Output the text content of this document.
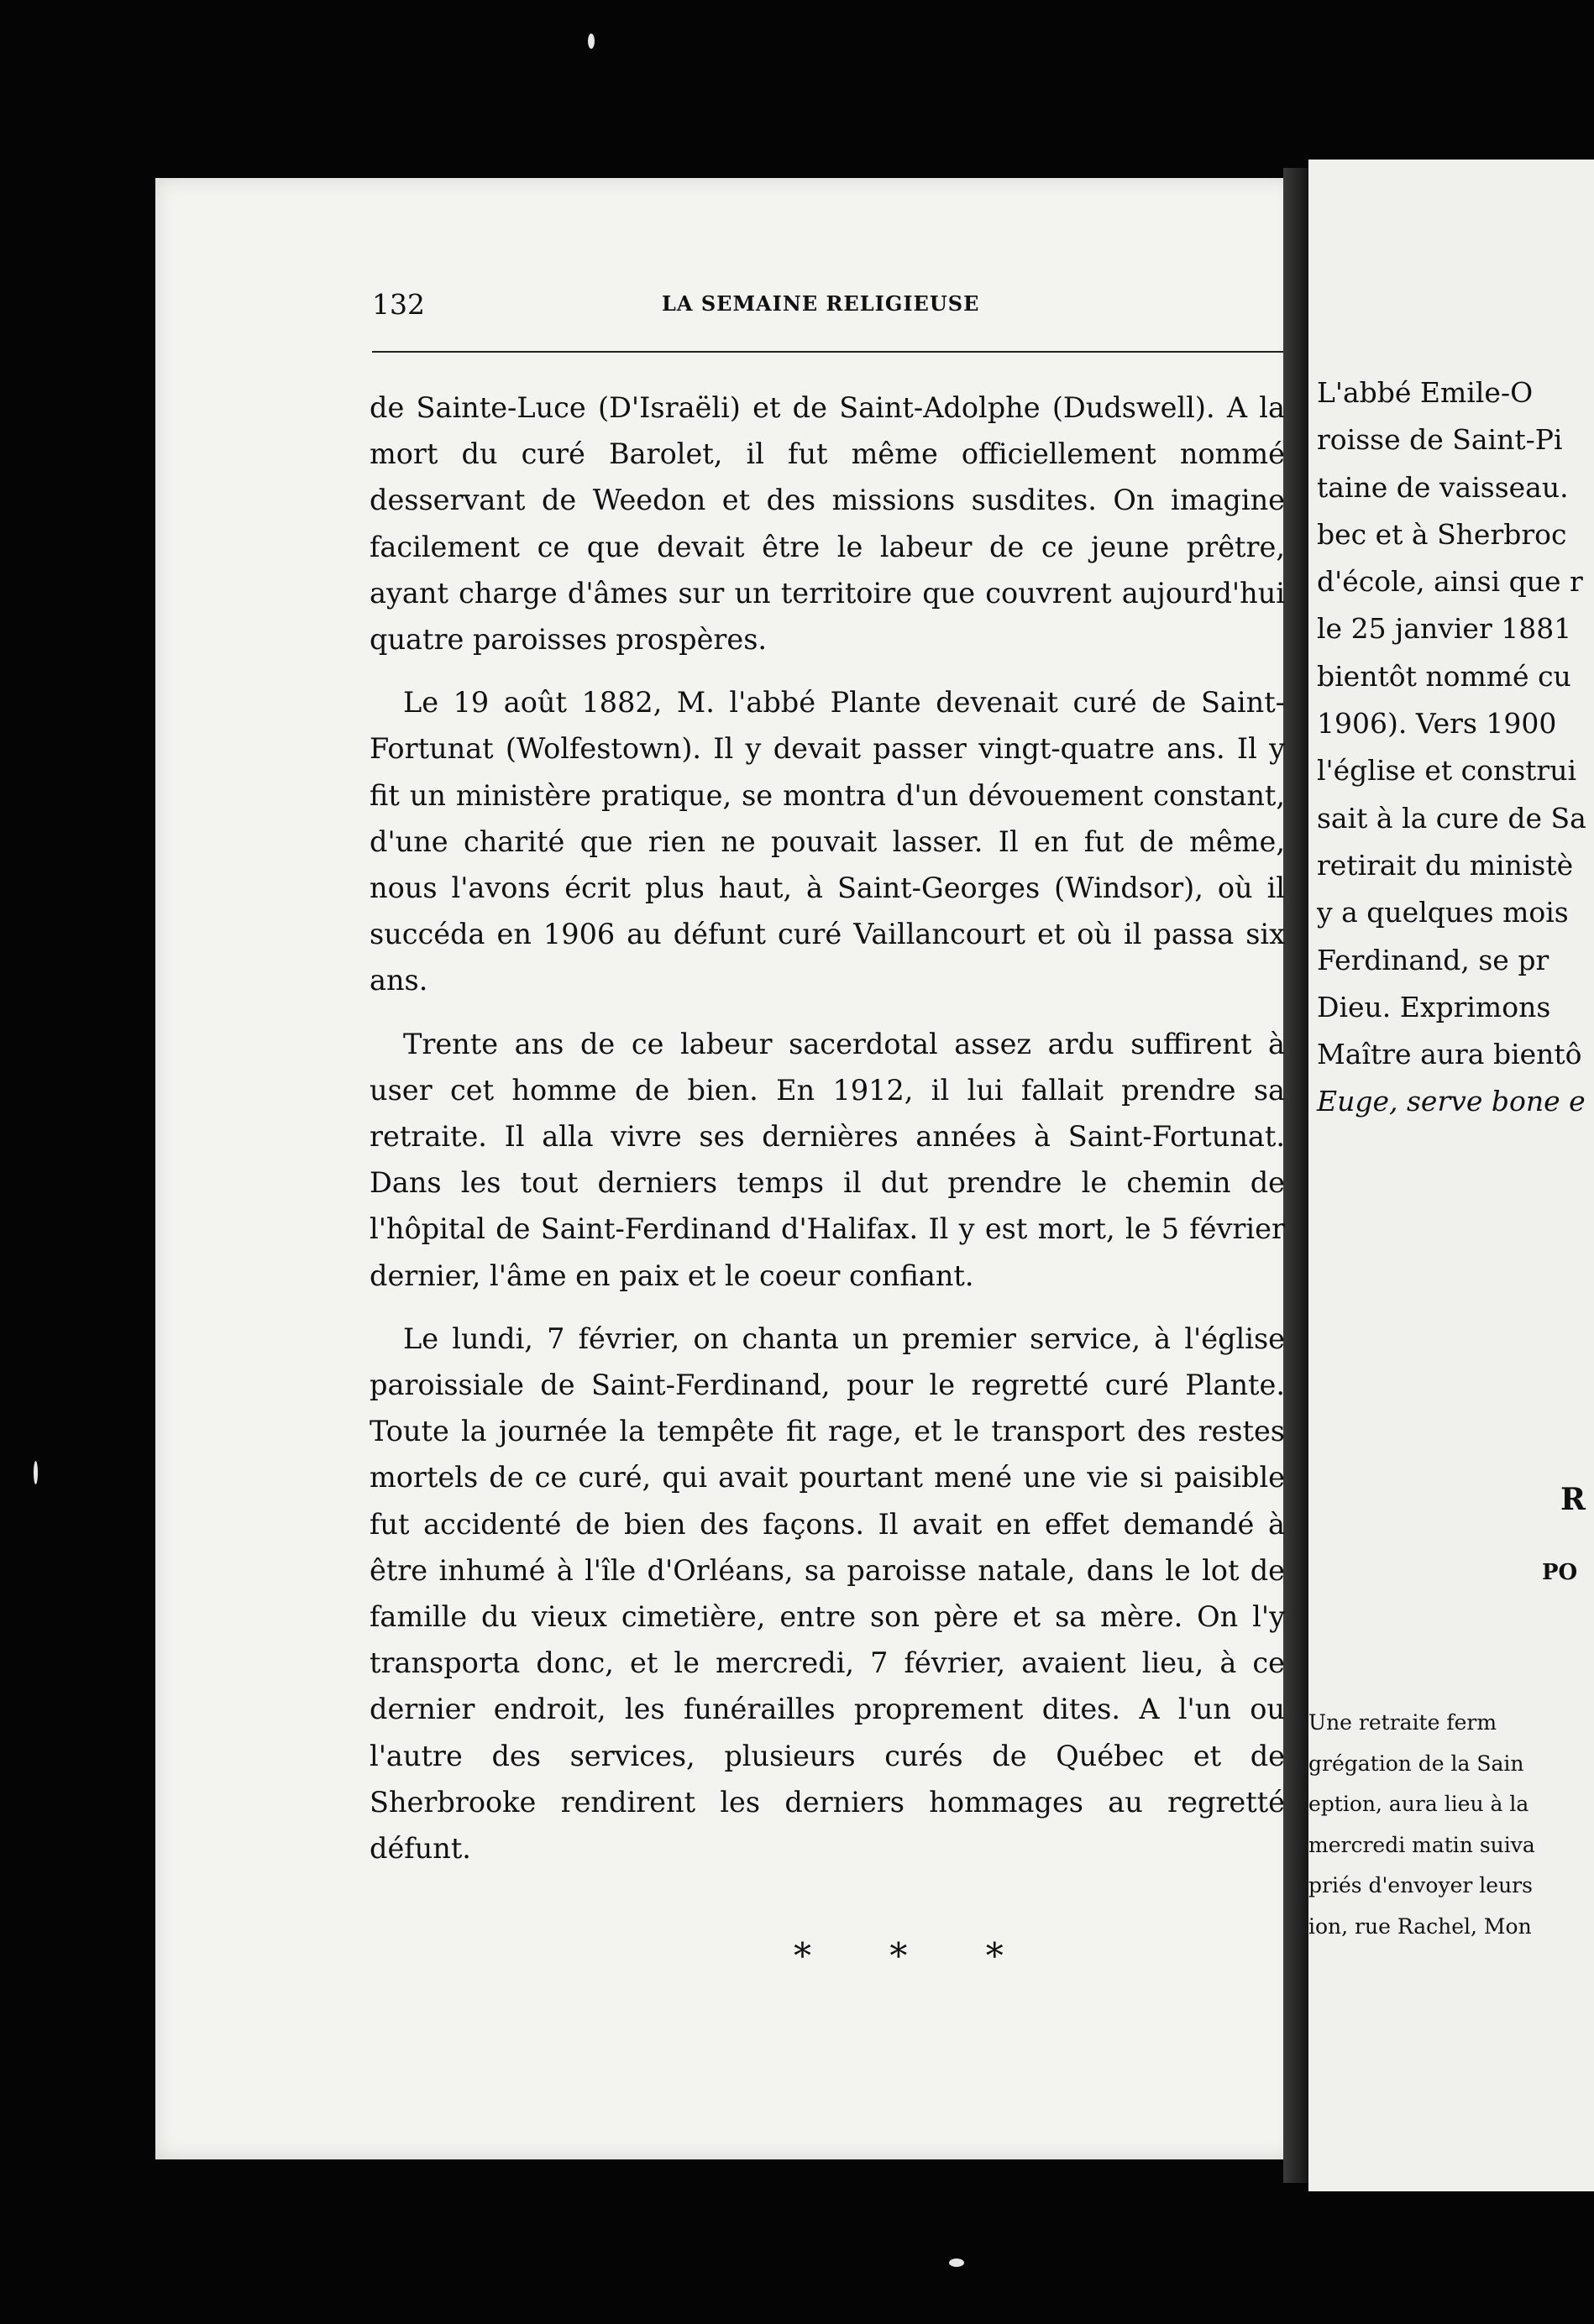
L'abbé Emile-O
roisse de Saint-Pi
taine de vaisseau.
bec et à Sherbroc
d'école, ainsi que r
le 25 janvier 1881
bientôt nommé cu
1906). Vers 1900
l'église et construi
sait à la cure de Sa
retirait du ministè
y a quelques mois
Ferdinand, se pr
Dieu. Exprimons
Maître aura bientô
Euge, serve bone e
R
PO
Une retraite ferm
grégation de la Sain
eption, aura lieu à la
mercredi matin suiva
priés d'envoyer leurs
ion, rue Rachel, Mon
132	LA SEMAINE RELIGIEUSE

de Sainte-Luce (D'Israëli) et de Saint-Adolphe (Dudswell). A la mort du curé Barolet, il fut même officiellement nommé desservant de Weedon et des missions susdites. On imagine facilement ce que devait être le labeur de ce jeune prêtre, ayant charge d'âmes sur un territoire que couvrent aujourd'hui quatre paroisses prospères.

Le 19 août 1882, M. l'abbé Plante devenait curé de Saint-Fortunat (Wolfestown). Il y devait passer vingt-quatre ans. Il y fit un ministère pratique, se montra d'un dévouement constant, d'une charité que rien ne pouvait lasser. Il en fut de même, nous l'avons écrit plus haut, à Saint-Georges (Windsor), où il succéda en 1906 au défunt curé Vaillancourt et où il passa six ans.

Trente ans de ce labeur sacerdotal assez ardu suffirent à user cet homme de bien. En 1912, il lui fallait prendre sa retraite. Il alla vivre ses dernières années à Saint-Fortunat. Dans les tout derniers temps il dut prendre le chemin de l'hôpital de Saint-Ferdinand d'Halifax. Il y est mort, le 5 février dernier, l'âme en paix et le coeur confiant.

Le lundi, 7 février, on chanta un premier service, à l'église paroissiale de Saint-Ferdinand, pour le regretté curé Plante. Toute la journée la tempête fit rage, et le transport des restes mortels de ce curé, qui avait pourtant mené une vie si paisible fut accidenté de bien des façons. Il avait en effet demandé à être inhumé à l'île d'Orléans, sa paroisse natale, dans le lot de famille du vieux cimetière, entre son père et sa mère. On l'y transporta donc, et le mercredi, 7 février, avaient lieu, à ce dernier endroit, les funérailles proprement dites. A l'un ou l'autre des services, plusieurs curés de Québec et de Sherbrooke rendirent les derniers hommages au regretté défunt.

* * *
